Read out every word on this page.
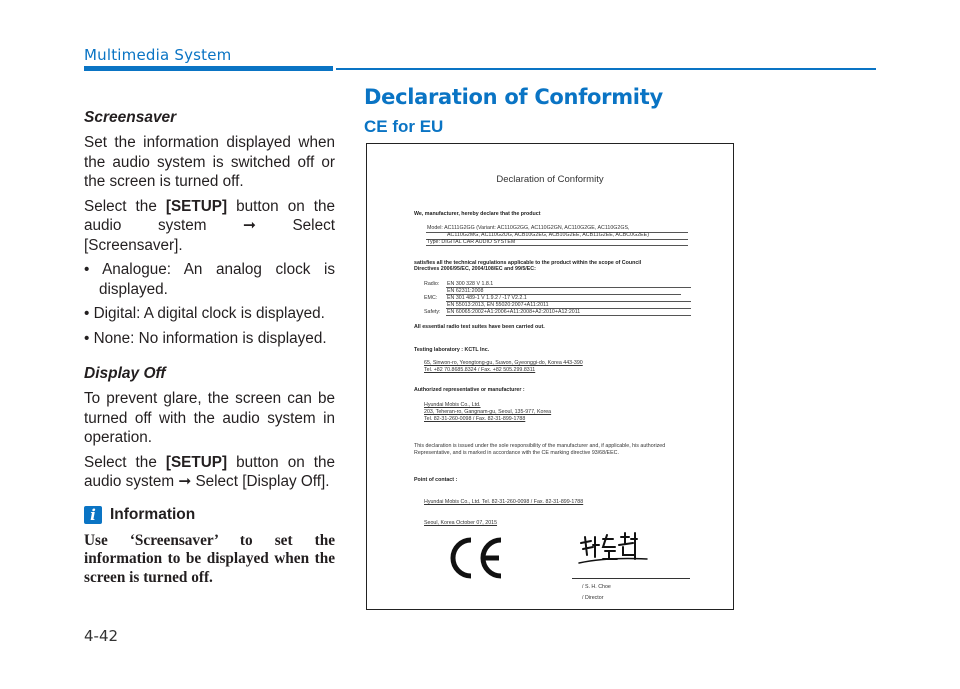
Multimedia System
Screensaver

Set the information displayed when the audio system is switched off or the screen is turned off.

Select the [SETUP] button on the audio system ➞ Select [Screensaver].

• Analogue: An analog clock is displayed.

• Digital: A digital clock is displayed.

• None: No information is displayed.

Display Off

To prevent glare, the screen can be turned off with the audio system in operation.

Select the [SETUP] button on the audio system ➞ Select [Display Off].

i Information

Use ‘Screensaver’ to set the information to be displayed when the screen is turned off.

Declaration of Conformity
CE for EU
Declaration of Conformity
We, manufacturer, hereby declare that the product
Model: AC111G2GG (Variant: AC110G2GG, AC110G2GN, AC110G2GE, AC110G2GS,
AC110G2MG, AC110G2UG, ACB10G2EG, ACB10G2EE, ACB11G2EE, ACBC0G2EE)
Type: DIGITAL CAR AUDIO SYSTEM
satisfies all the technical regulations applicable to the product within the scope of Council
Directives 2006/95/EC, 2004/108/EC and 99/5/EC:
Radio: EN 300 328 V 1.8.1
EN 62311:2008
EMC: EN 301 489-1 V 1.9.2 / -17 V2.2.1
EN 55013:2013, EN 55020:2007+A11:2011
Safety: EN 60065:2002+A1:2006+A11:2008+A2:2010+A12:2011
All essential radio test suites have been carried out.
Testing laboratory : KCTL Inc.
65, Sinwon-ro, Yeongtong-gu, Suwon, Gyeonggi-do, Korea 443-390
Tel. +82 70.8685.8324 / Fax. +82 505.299.8311
Authorized representative or manufacturer :
Hyundai Mobis Co., Ltd.
203, Teheran-ro, Gangnam-gu, Seoul, 135-977, Korea
Tel. 82-31-260-0098 / Fax. 82-31-899-1788
This declaration is issued under the sole responsibility of the manufacturer and, if applicable, his authorized
Representative, and is marked in accordance with the CE marking directive 93/68/EEC.
Point of contact :
Hyundai Mobis Co., Ltd. Tel. 82-31-260-0098 / Fax. 82-31-899-1788
Seoul, Korea October 07, 2015
/ S. H. Choe
/ Director
4-42
